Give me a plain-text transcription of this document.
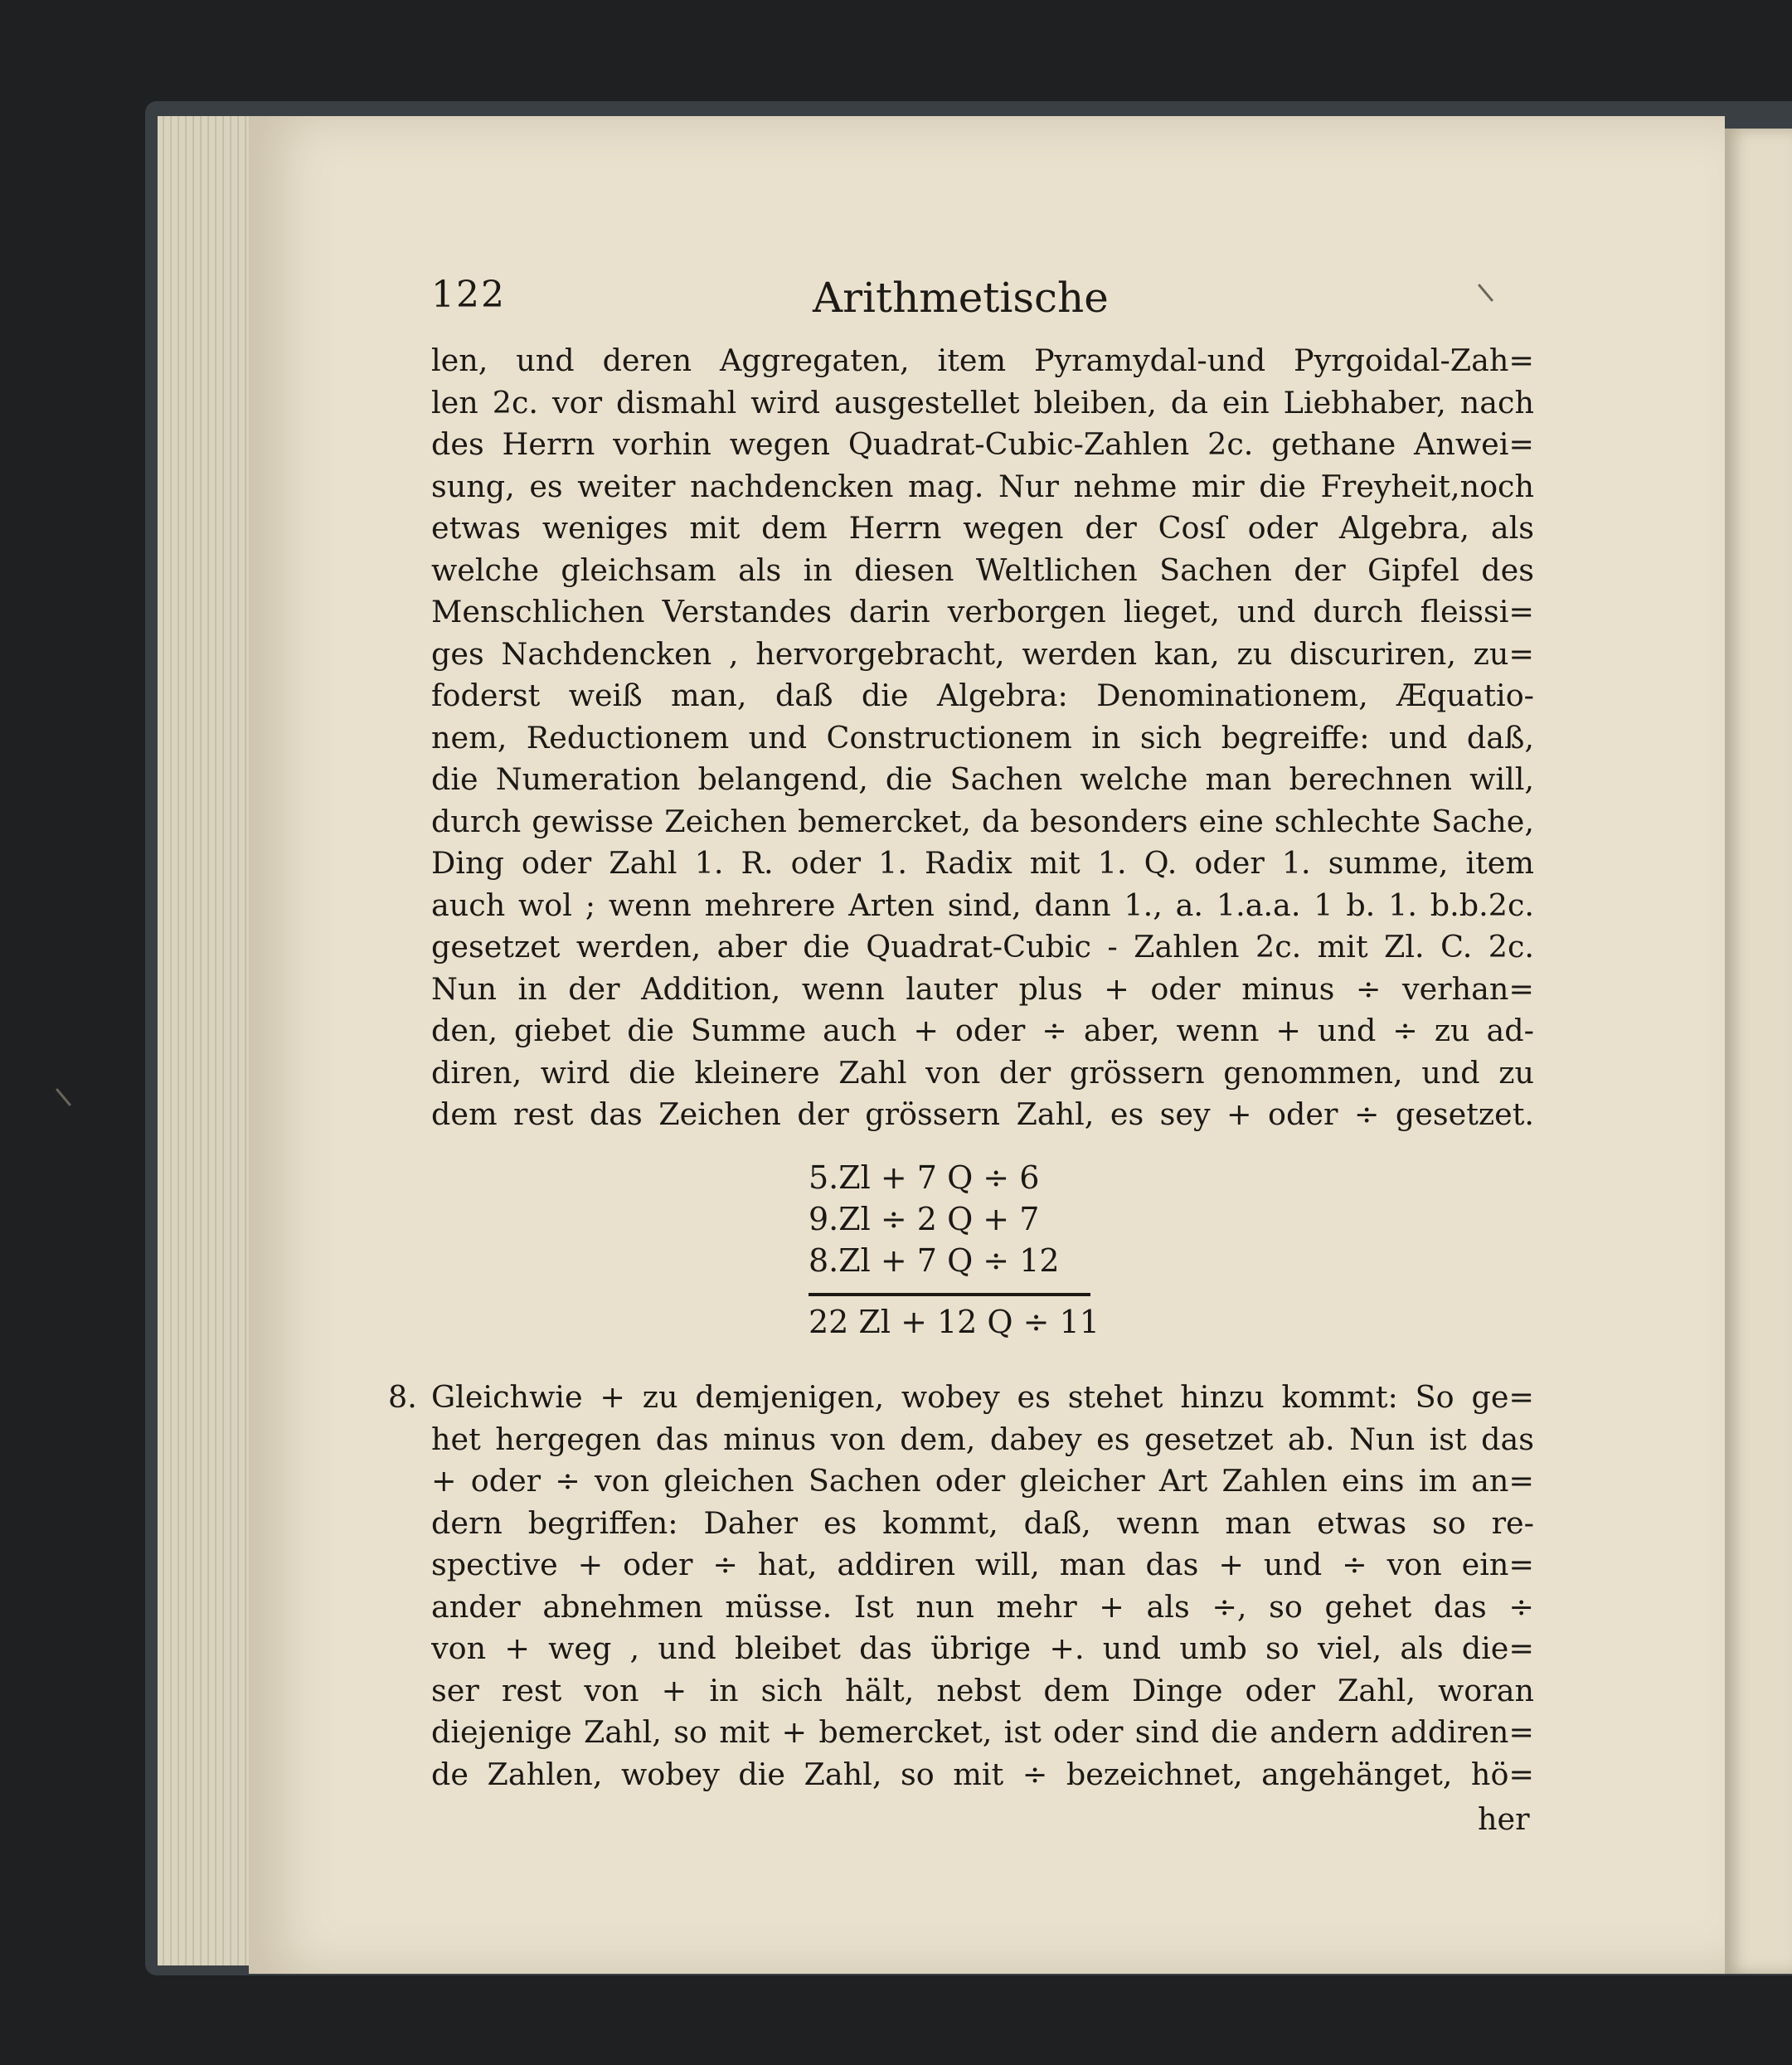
122	Arithmetische
len, und deren Aggregaten, item Pyramydal-und Pyrgoidal-Zah=
len 2c. vor dismahl wird ausgestellet bleiben, da ein Liebhaber, nach
des Herrn vorhin wegen Quadrat-Cubic-Zahlen 2c. gethane Anwei=
sung, es weiter nachdencken mag. Nur nehme mir die Freyheit,noch
etwas weniges mit dem Herrn wegen der Cosſ oder Algebra, als
welche gleichsam als in diesen Weltlichen Sachen der Gipfel des
Menschlichen Verstandes darin verborgen lieget, und durch fleissi=
ges Nachdencken , hervorgebracht, werden kan, zu discuriren, zu=
foderst weiß man, daß die Algebra: Denominationem, Æquatio-
nem, Reductionem und Constructionem in sich begreiffe: und daß,
die Numeration belangend, die Sachen welche man berechnen will,
durch gewisse Zeichen bemercket, da besonders eine schlechte Sache,
Ding oder Zahl 1. R. oder 1. Radix mit 1. Q. oder 1. summe, item
auch wol ; wenn mehrere Arten sind, dann 1., a. 1.a.a. 1 b. 1. b.b.2c.
gesetzet werden, aber die Quadrat-Cubic - Zahlen 2c. mit Zl. C. 2c.
Nun in der Addition, wenn lauter plus + oder minus ÷ verhan=
den, giebet die Summe auch + oder ÷ aber, wenn + und ÷ zu ad-
diren, wird die kleinere Zahl von der grössern genommen, und zu
dem rest das Zeichen der grössern Zahl, es sey + oder ÷ gesetzet.
5.Zl + 7 Q ÷ 6
9.Zl ÷ 2 Q + 7
8.Zl + 7 Q ÷ 12
22 Zl + 12 Q ÷ 11
8. Gleichwie + zu demjenigen, wobey es stehet hinzu kommt: So ge=
het hergegen das minus von dem, dabey es gesetzet ab. Nun ist das
+ oder ÷ von gleichen Sachen oder gleicher Art Zahlen eins im an=
dern begriffen: Daher es kommt, daß, wenn man etwas so re-
spective + oder ÷ hat, addiren will, man das + und ÷ von ein=
ander abnehmen müsse. Ist nun mehr + als ÷, so gehet das ÷
von + weg , und bleibet das übrige +. und umb so viel, als die=
ser rest von + in sich hält, nebst dem Dinge oder Zahl, woran
diejenige Zahl, so mit + bemercket, ist oder sind die andern addiren=
de Zahlen, wobey die Zahl, so mit ÷ bezeichnet, angehänget, hö=
her
